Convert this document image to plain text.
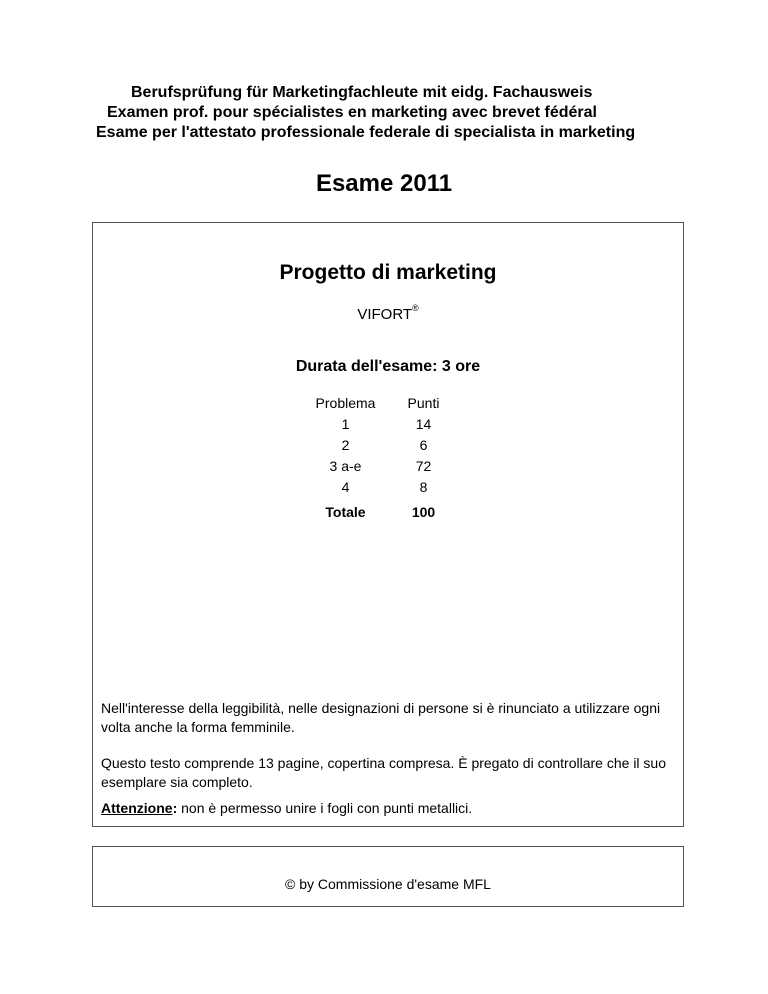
Berufsprüfung für Marketingfachleute mit eidg. Fachausweis
Examen prof. pour spécialistes en marketing avec brevet fédéral
Esame per l'attestato professionale federale di specialista in marketing
Esame 2011
Progetto di marketing
VIFORT®
Durata dell'esame: 3 ore
Problema	Punti
1	14
2	6
3 a-e	72
4	8
Totale	100
Nell'interesse della leggibilità, nelle designazioni di persone si è rinunciato a utilizzare ogni volta anche la forma femminile.
Questo testo comprende 13 pagine, copertina compresa. È pregato di controllare che il suo esemplare sia completo.
Attenzione: non è permesso unire i fogli con punti metallici.
© by Commissione d'esame MFL
